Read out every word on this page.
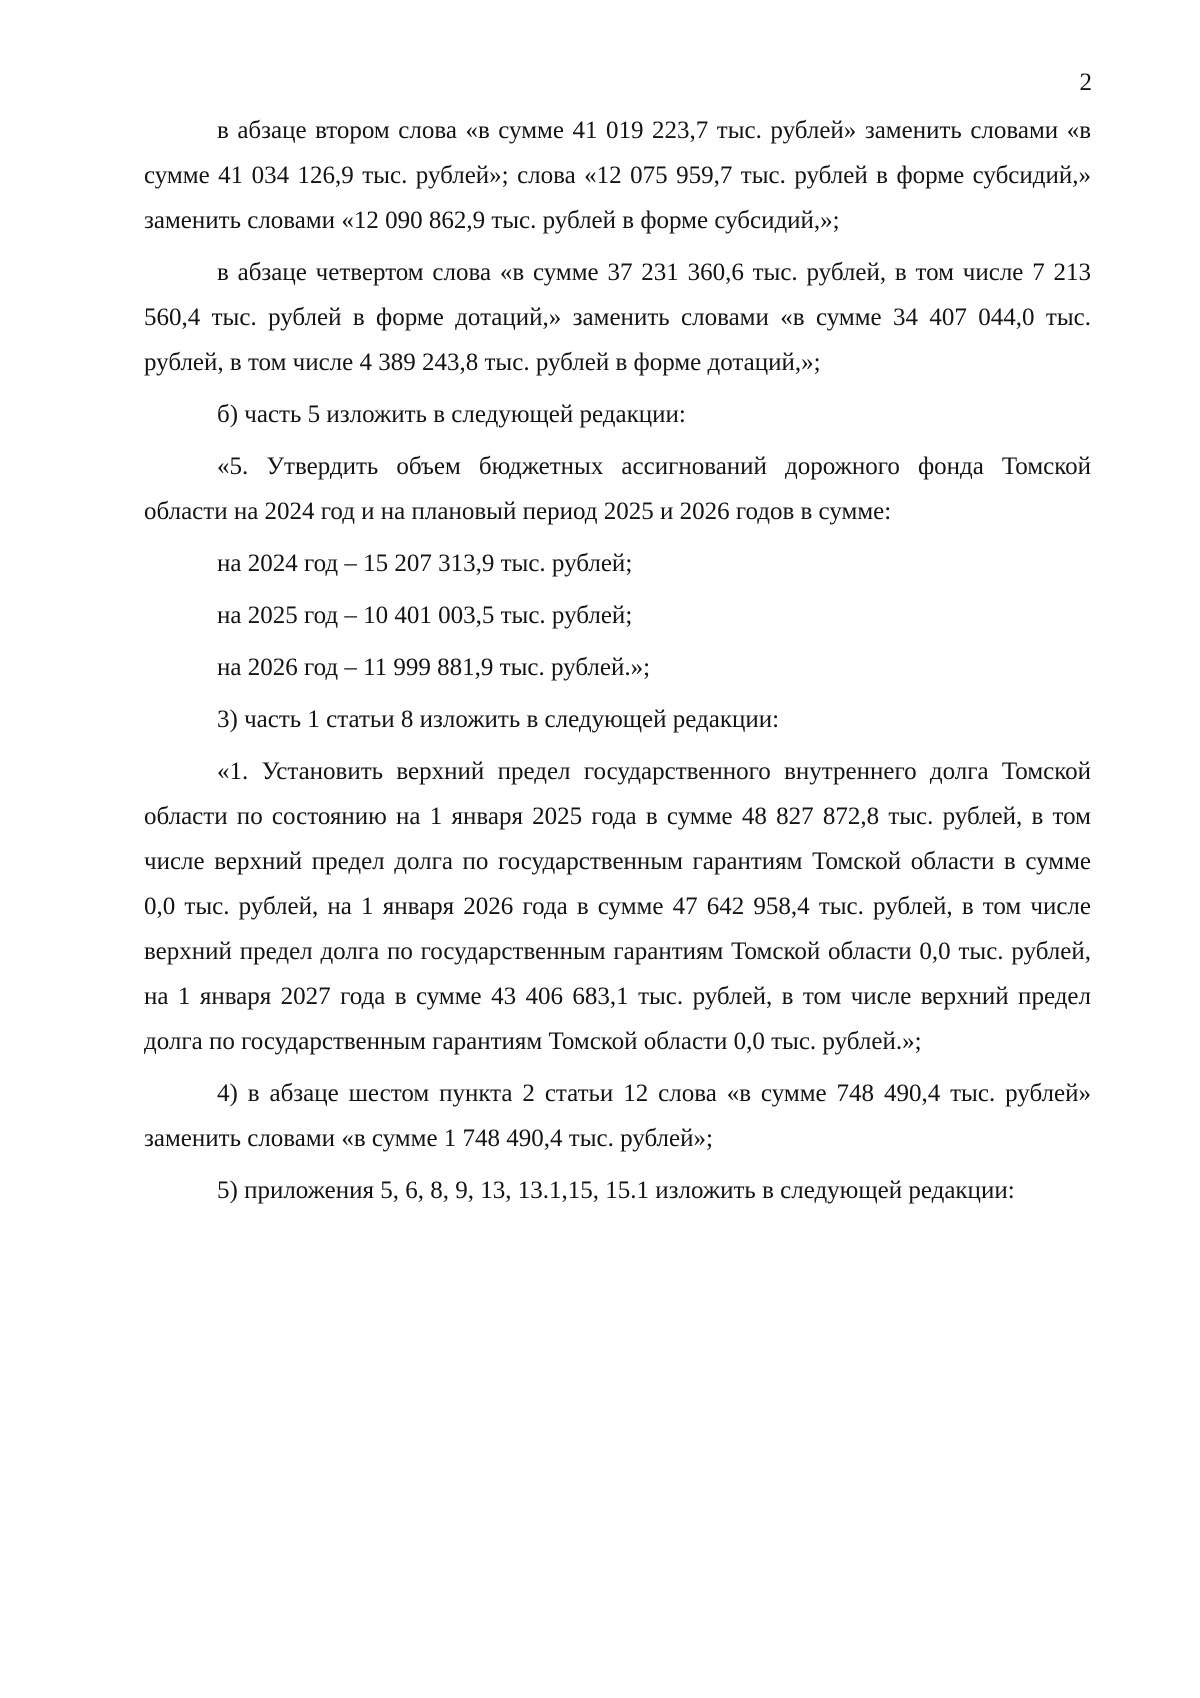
2

в абзаце втором слова «в сумме 41 019 223,7 тыс. рублей» заменить словами «в сумме 41 034 126,9 тыс. рублей»; слова «12 075 959,7 тыс. рублей в форме субсидий,» заменить словами «12 090 862,9 тыс. рублей в форме субсидий,»;

в абзаце четвертом слова «в сумме 37 231 360,6 тыс. рублей, в том числе 7 213 560,4 тыс. рублей в форме дотаций,» заменить словами «в сумме 34 407 044,0 тыс. рублей, в том числе 4 389 243,8 тыс. рублей в форме дотаций,»;

б) часть 5 изложить в следующей редакции:

«5. Утвердить объем бюджетных ассигнований дорожного фонда Томской области на 2024 год и на плановый период 2025 и 2026 годов в сумме:

на 2024 год – 15 207 313,9 тыс. рублей;

на 2025 год – 10 401 003,5 тыс. рублей;

на 2026 год – 11 999 881,9 тыс. рублей.»;

3) часть 1 статьи 8 изложить в следующей редакции:

«1. Установить верхний предел государственного внутреннего долга Томской области по состоянию на 1 января 2025 года в сумме 48 827 872,8 тыс. рублей, в том числе верхний предел долга по государственным гарантиям Томской области в сумме 0,0 тыс. рублей, на 1 января 2026 года в сумме 47 642 958,4 тыс. рублей, в том числе верхний предел долга по государственным гарантиям Томской области 0,0 тыс. рублей, на 1 января 2027 года в сумме 43 406 683,1 тыс. рублей, в том числе верхний предел долга по государственным гарантиям Томской области 0,0 тыс. рублей.»;

4) в абзаце шестом пункта 2 статьи 12 слова «в сумме 748 490,4 тыс. рублей» заменить словами «в сумме 1 748 490,4 тыс. рублей»;

5) приложения 5, 6, 8, 9, 13, 13.1,15, 15.1 изложить в следующей редакции:
